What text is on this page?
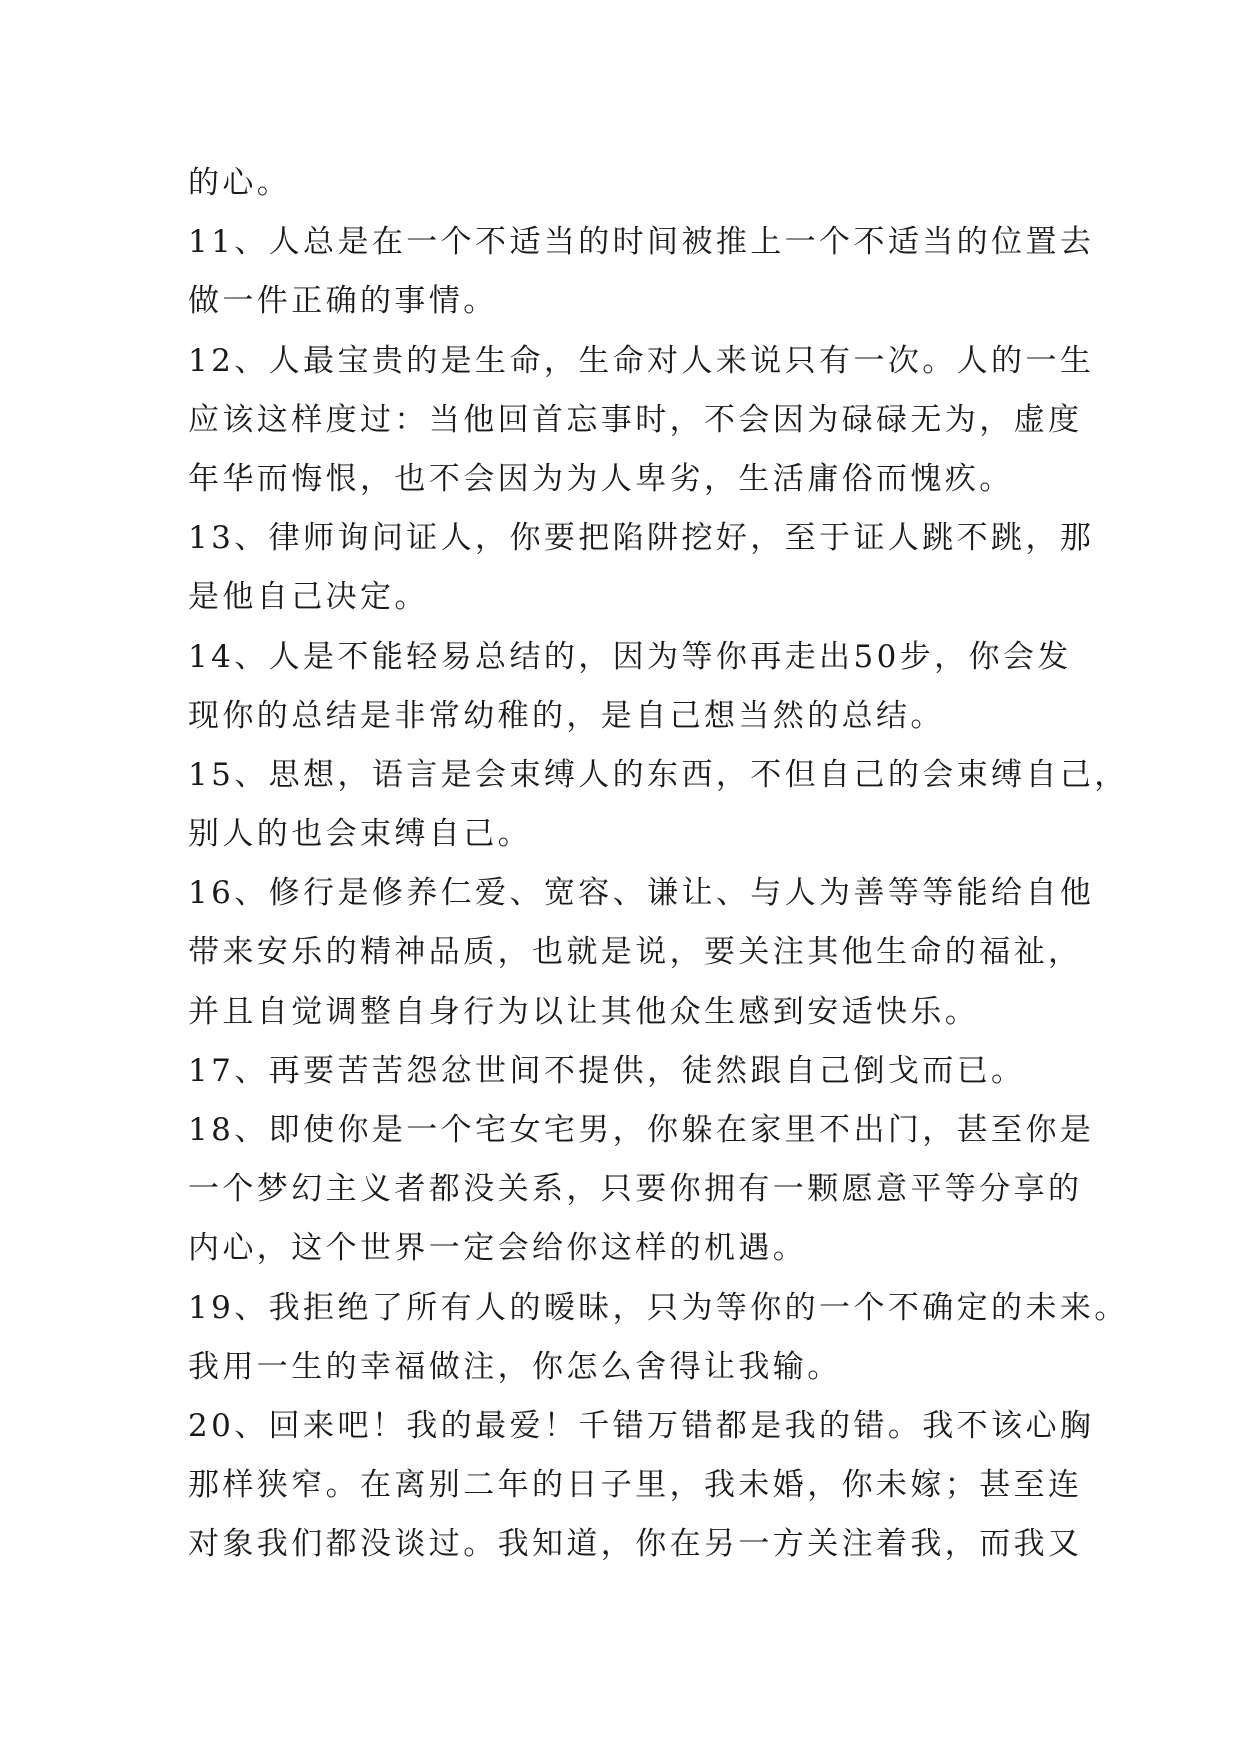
的心。
11、人总是在一个不适当的时间被推上一个不适当的位置去
做一件正确的事情。
12、人最宝贵的是生命，生命对人来说只有一次。人的一生
应该这样度过：当他回首忘事时，不会因为碌碌无为，虚度
年华而悔恨，也不会因为为人卑劣，生活庸俗而愧疚。
13、律师询问证人，你要把陷阱挖好，至于证人跳不跳，那
是他自己决定。
14、人是不能轻易总结的，因为等你再走出50步，你会发
现你的总结是非常幼稚的，是自己想当然的总结。
15、思想，语言是会束缚人的东西，不但自己的会束缚自己，
别人的也会束缚自己。
16、修行是修养仁爱、宽容、谦让、与人为善等等能给自他
带来安乐的精神品质，也就是说，要关注其他生命的福祉，
并且自觉调整自身行为以让其他众生感到安适快乐。
17、再要苦苦怨忿世间不提供，徒然跟自己倒戈而已。
18、即使你是一个宅女宅男，你躲在家里不出门，甚至你是
一个梦幻主义者都没关系，只要你拥有一颗愿意平等分享的
内心，这个世界一定会给你这样的机遇。
19、我拒绝了所有人的暧昧，只为等你的一个不确定的未来。
我用一生的幸福做注，你怎么舍得让我输。
20、回来吧！我的最爱！千错万错都是我的错。我不该心胸
那样狭窄。在离别二年的日子里，我未婚，你未嫁；甚至连
对象我们都没谈过。我知道，你在另一方关注着我，而我又
